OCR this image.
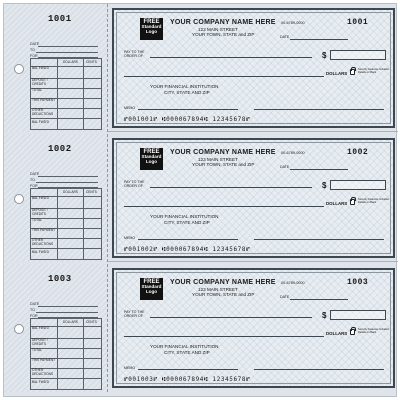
1001
DATE
TO
FOR
DOLLARS	CENTS
BAL FWD'D
DEPOSIT / CREDITS
TOTAL
THIS PAYMENT
OTHER DEDUCTIONS
BAL FWD'D
FREE
Standard
Logo
YOUR COMPANY NAME HERE
123 MAIN STREET
YOUR TOWN, STATE and ZIP
00-6789-0000	1001
DATE
PAY TO THE
ORDER OF	$
DOLLARS
Security Features Included. Details on Back.
YOUR FINANCIAL INSTITUTION
CITY, STATE AND ZIP
MEMO
⑈001001⑈ ⑆000067894⑆ 12345678⑈
1002
DATE
TO
FOR
DOLLARS	CENTS
BAL FWD'D
DEPOSIT / CREDITS
TOTAL
THIS PAYMENT
OTHER DEDUCTIONS
BAL FWD'D
FREE
Standard
Logo
YOUR COMPANY NAME HERE
123 MAIN STREET
YOUR TOWN, STATE and ZIP
00-6789-0000	1002
DATE
PAY TO THE
ORDER OF	$
DOLLARS
Security Features Included. Details on Back.
YOUR FINANCIAL INSTITUTION
CITY, STATE AND ZIP
MEMO
⑈001002⑈ ⑆000067894⑆ 12345678⑈
1003
DATE
TO
FOR
DOLLARS	CENTS
BAL FWD'D
DEPOSIT / CREDITS
TOTAL
THIS PAYMENT
OTHER DEDUCTIONS
BAL FWD'D
FREE
Standard
Logo
YOUR COMPANY NAME HERE
123 MAIN STREET
YOUR TOWN, STATE and ZIP
00-6789-0000	1003
DATE
PAY TO THE
ORDER OF	$
DOLLARS
Security Features Included. Details on Back.
YOUR FINANCIAL INSTITUTION
CITY, STATE AND ZIP
MEMO
⑈001003⑈ ⑆000067894⑆ 12345678⑈
